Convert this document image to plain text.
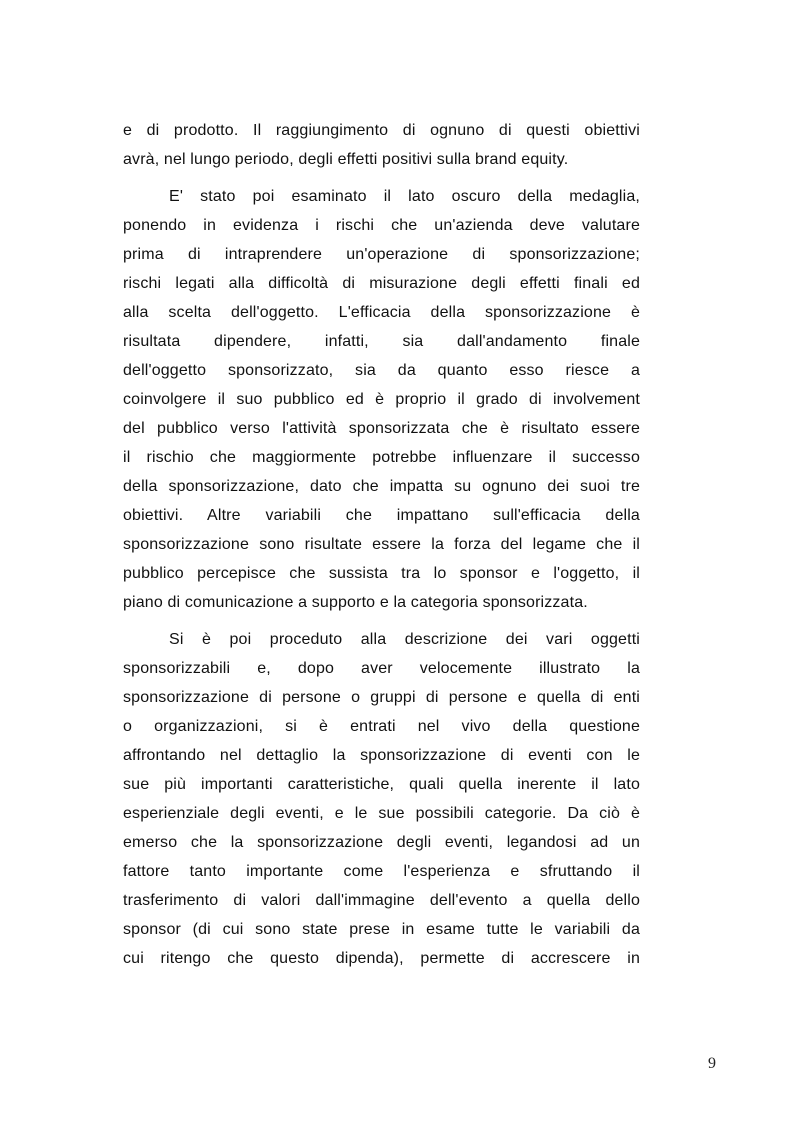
e di prodotto. Il raggiungimento di ognuno di questi obiettivi
avrà, nel lungo periodo, degli effetti positivi sulla brand equity.
E' stato poi esaminato il lato oscuro della medaglia,
ponendo in evidenza i rischi che un'azienda deve valutare
prima di intraprendere un'operazione di sponsorizzazione;
rischi legati alla difficoltà di misurazione degli effetti finali ed
alla scelta dell'oggetto. L'efficacia della sponsorizzazione è
risultata dipendere, infatti, sia dall'andamento finale
dell'oggetto sponsorizzato, sia da quanto esso riesce a
coinvolgere il suo pubblico ed è proprio il grado di involvement
del pubblico verso l'attività sponsorizzata che è risultato essere
il rischio che maggiormente potrebbe influenzare il successo
della sponsorizzazione, dato che impatta su ognuno dei suoi tre
obiettivi. Altre variabili che impattano sull'efficacia della
sponsorizzazione sono risultate essere la forza del legame che il
pubblico percepisce che sussista tra lo sponsor e l'oggetto, il
piano di comunicazione a supporto e la categoria sponsorizzata.
Si è poi proceduto alla descrizione dei vari oggetti
sponsorizzabili e, dopo aver velocemente illustrato la
sponsorizzazione di persone o gruppi di persone e quella di enti
o organizzazioni, si è entrati nel vivo della questione
affrontando nel dettaglio la sponsorizzazione di eventi con le
sue più importanti caratteristiche, quali quella inerente il lato
esperienziale degli eventi, e le sue possibili categorie. Da ciò è
emerso che la sponsorizzazione degli eventi, legandosi ad un
fattore tanto importante come l'esperienza e sfruttando il
trasferimento di valori dall'immagine dell'evento a quella dello
sponsor (di cui sono state prese in esame tutte le variabili da
cui ritengo che questo dipenda), permette di accrescere in
9
